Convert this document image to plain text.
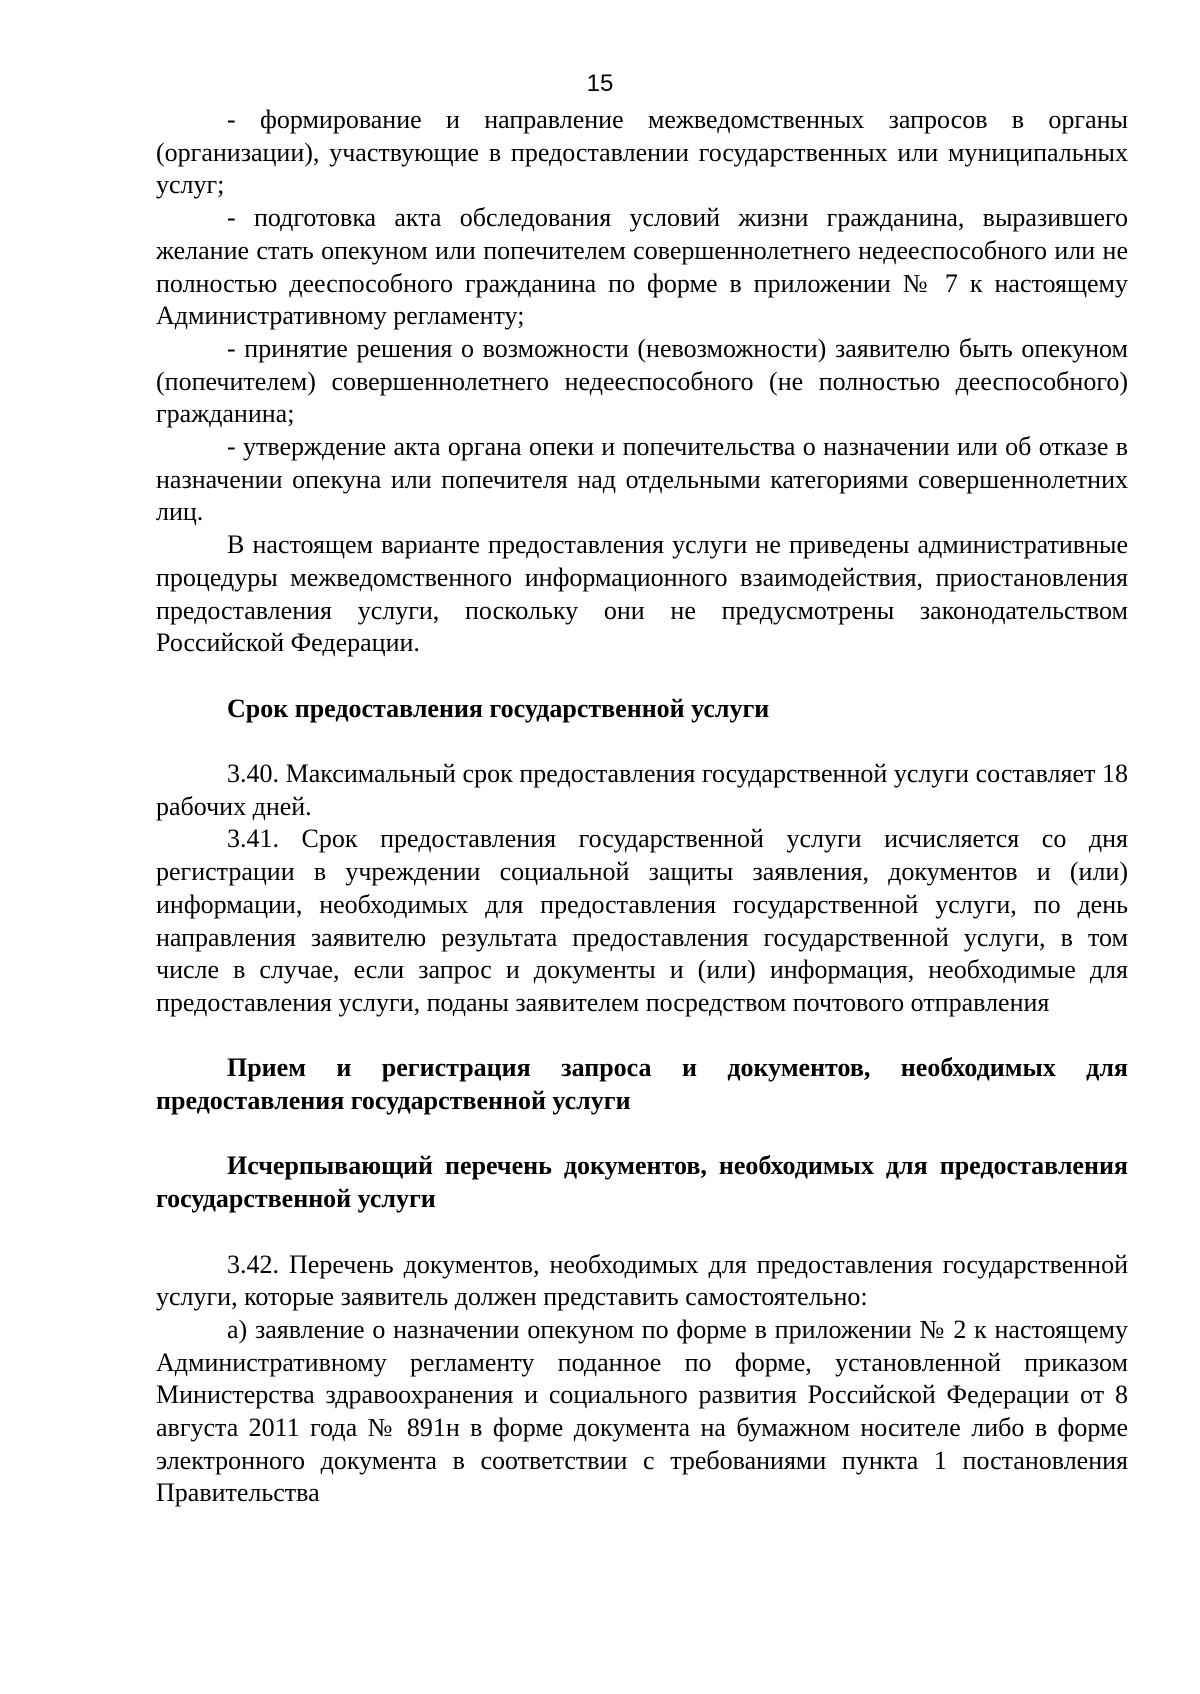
15

- формирование и направление межведомственных запросов в органы (организации), участвующие в предоставлении государственных или муниципальных услуг;

- подготовка акта обследования условий жизни гражданина, выразившего желание стать опекуном или попечителем совершеннолетнего недееспособного или не полностью дееспособного гражданина по форме в приложении № 7 к настоящему Административному регламенту;

- принятие решения о возможности (невозможности) заявителю быть опекуном (попечителем) совершеннолетнего недееспособного (не полностью дееспособного) гражданина;

- утверждение акта органа опеки и попечительства о назначении или об отказе в назначении опекуна или попечителя над отдельными категориями совершеннолетних лиц.

В настоящем варианте предоставления услуги не приведены административные процедуры межведомственного информационного взаимодействия, приостановления предоставления услуги, поскольку они не предусмотрены законодательством Российской Федерации.

Срок предоставления государственной услуги

3.40. Максимальный срок предоставления государственной услуги составляет 18 рабочих дней.

3.41. Срок предоставления государственной услуги исчисляется со дня регистрации в учреждении социальной защиты заявления, документов и (или) информации, необходимых для предоставления государственной услуги, по день направления заявителю результата предоставления государственной услуги, в том числе в случае, если запрос и документы и (или) информация, необходимые для предоставления услуги, поданы заявителем посредством почтового отправления

Прием и регистрация запроса и документов, необходимых для предоставления государственной услуги

Исчерпывающий перечень документов, необходимых для предоставления государственной услуги

3.42. Перечень документов, необходимых для предоставления государственной услуги, которые заявитель должен представить самостоятельно:

а) заявление о назначении опекуном по форме в приложении № 2 к настоящему Административному регламенту поданное по форме, установленной приказом Министерства здравоохранения и социального развития Российской Федерации от 8 августа 2011 года № 891н в форме документа на бумажном носителе либо в форме электронного документа в соответствии с требованиями пункта 1 постановления Правительства
